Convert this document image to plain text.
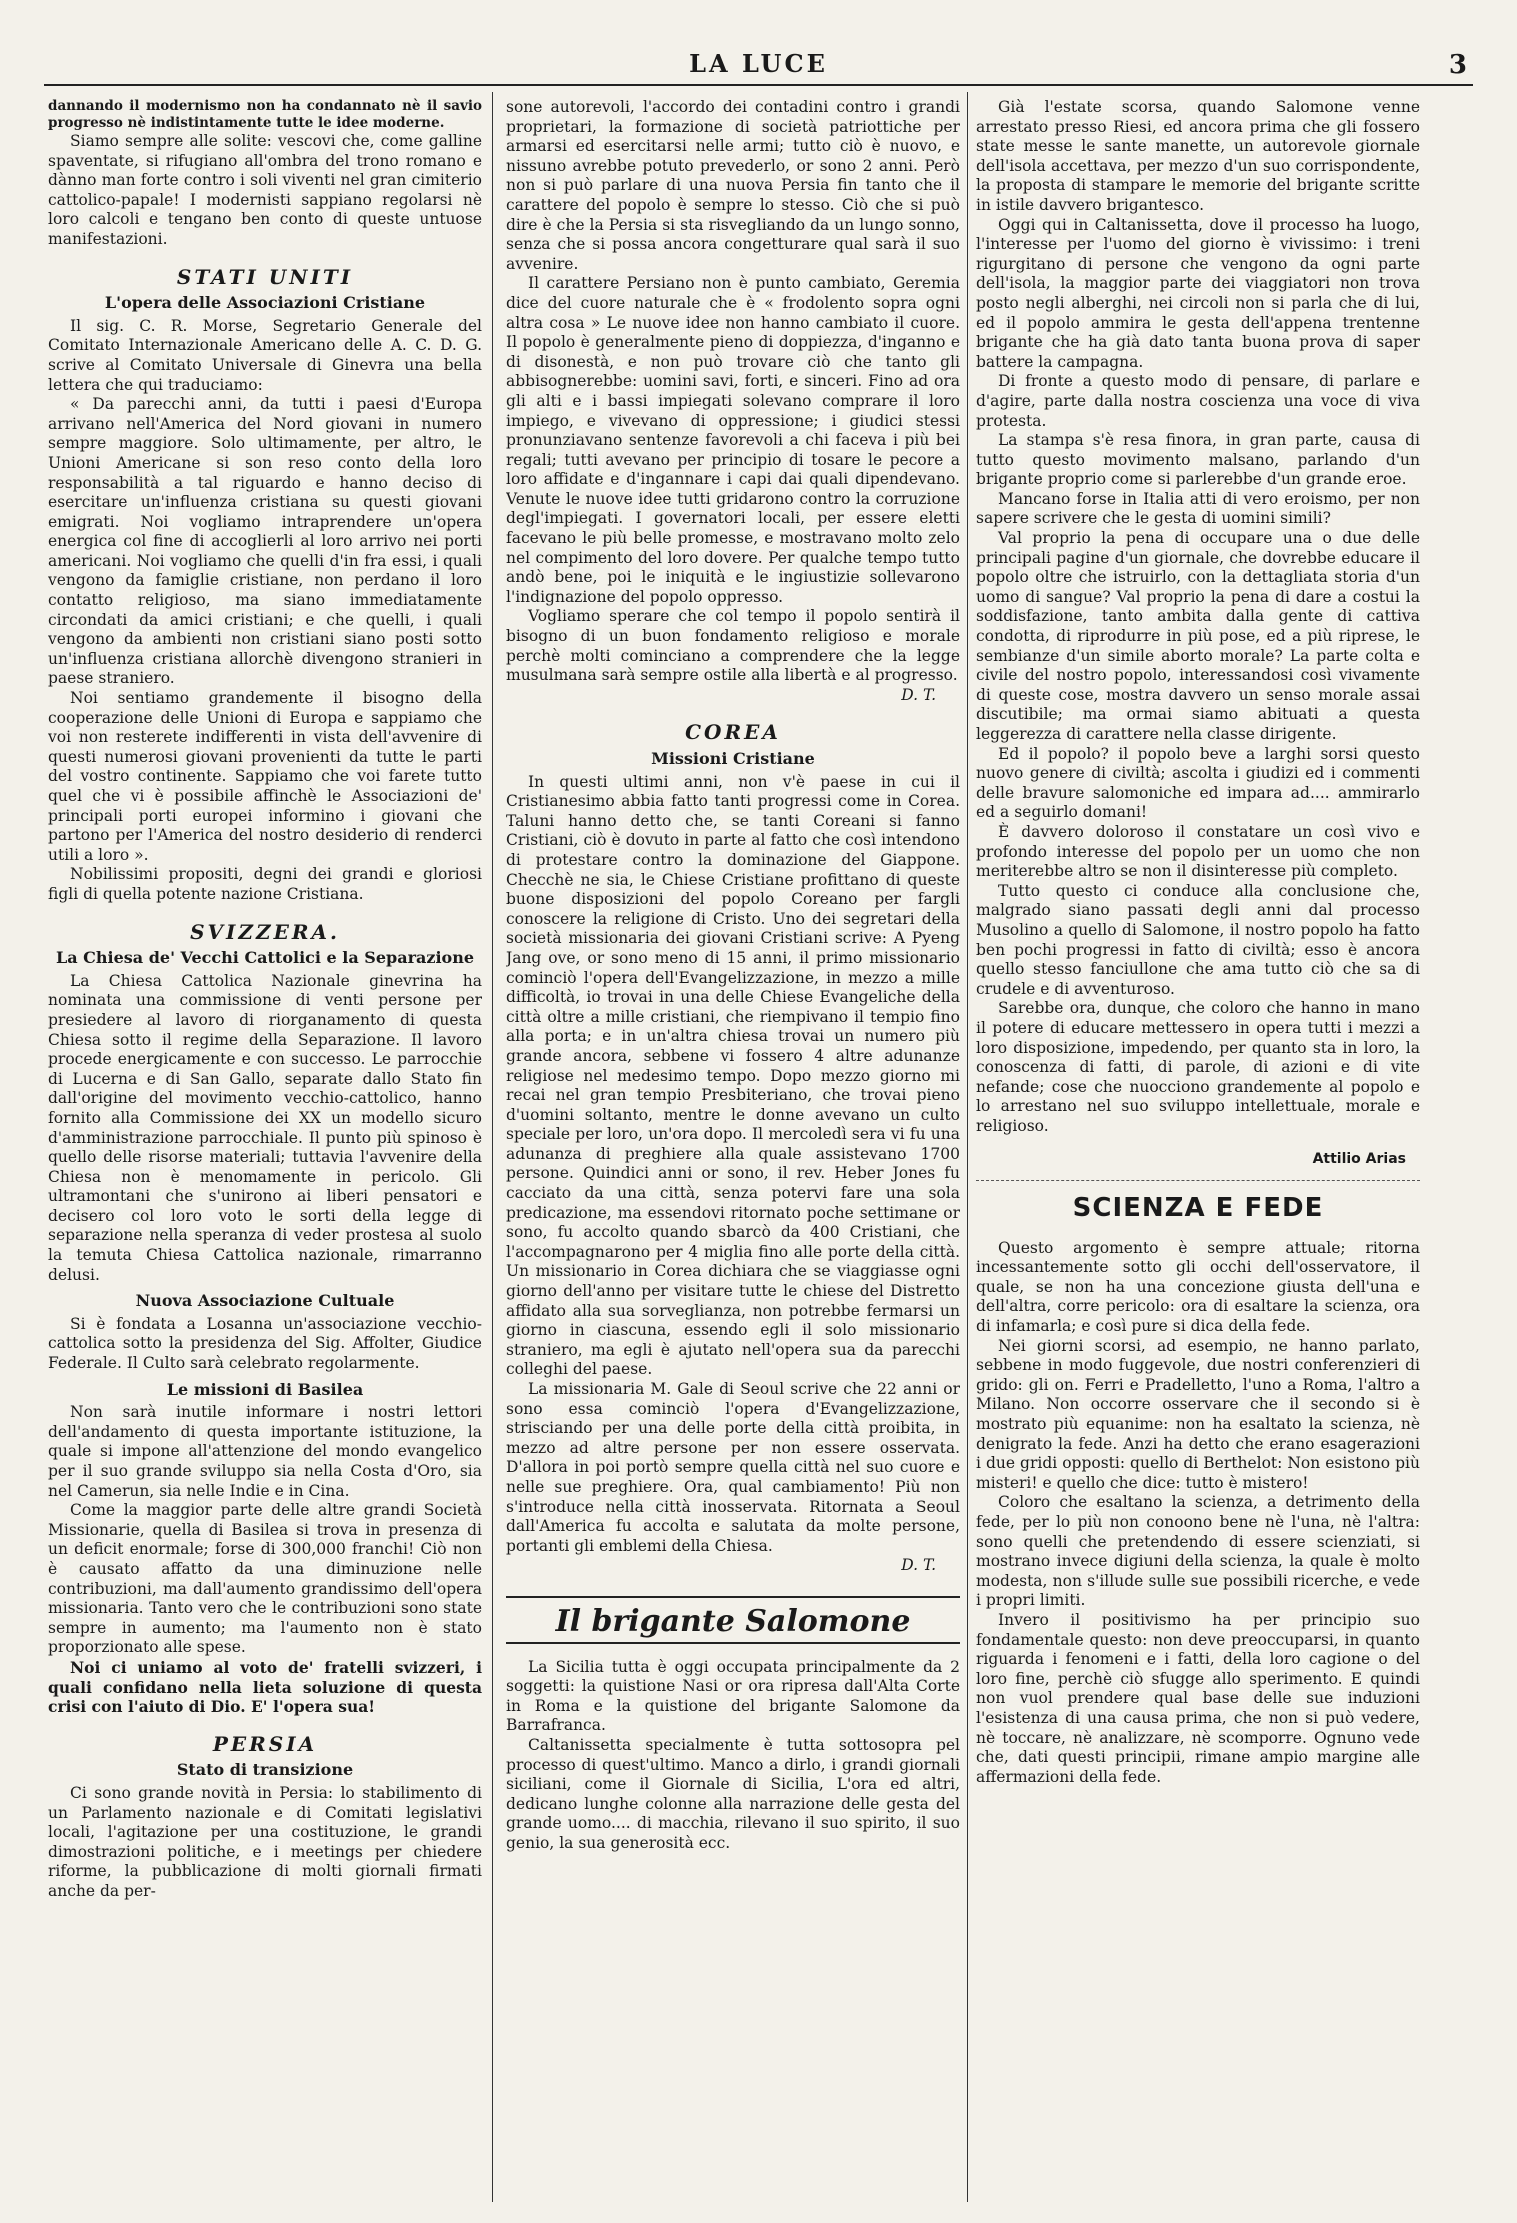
LA LUCE	3

dannando il modernismo non ha condannato nè il savio progresso nè indistintamente tutte le idee moderne.

Siamo sempre alle solite: vescovi che, come galline spaventate, si rifugiano all'ombra del trono romano e dànno man forte contro i soli viventi nel gran cimiterio cattolico-papale! I modernisti sappiano regolarsi nè loro calcoli e tengano ben conto di queste untuose manifestazioni.

STATI UNITI
L'opera delle Associazioni Cristiane

Il sig. C. R. Morse, Segretario Generale del Comitato Internazionale Americano delle A. C. D. G. scrive al Comitato Universale di Ginevra una bella lettera che qui traduciamo:

« Da parecchi anni, da tutti i paesi d'Europa arrivano nell'America del Nord giovani in numero sempre maggiore. Solo ultimamente, per altro, le Unioni Americane si son reso conto della loro responsabilità a tal riguardo e hanno deciso di esercitare un'influenza cristiana su questi giovani emigrati. Noi vogliamo intraprendere un'opera energica col fine di accoglierli al loro arrivo nei porti americani. Noi vogliamo che quelli d'in fra essi, i quali vengono da famiglie cristiane, non perdano il loro contatto religioso, ma siano immediatamente circondati da amici cristiani; e che quelli, i quali vengono da ambienti non cristiani siano posti sotto un'influenza cristiana allorchè divengono stranieri in paese straniero.

Noi sentiamo grandemente il bisogno della cooperazione delle Unioni di Europa e sappiamo che voi non resterete indifferenti in vista dell'avvenire di questi numerosi giovani provenienti da tutte le parti del vostro continente. Sappiamo che voi farete tutto quel che vi è possibile affinchè le Associazioni de' principali porti europei informino i giovani che partono per l'America del nostro desiderio di renderci utili a loro ».

Nobilissimi propositi, degni dei grandi e gloriosi figli di quella potente nazione Cristiana.

SVIZZERA.
La Chiesa de' Vecchi Cattolici e la Separazione

La Chiesa Cattolica Nazionale ginevrina ha nominata una commissione di venti persone per presiedere al lavoro di riorganamento di questa Chiesa sotto il regime della Separazione. Il lavoro procede energicamente e con successo. Le parrocchie di Lucerna e di San Gallo, separate dallo Stato fin dall'origine del movimento vecchio-cattolico, hanno fornito alla Commissione dei XX un modello sicuro d'amministrazione parrocchiale. Il punto più spinoso è quello delle risorse materiali; tuttavia l'avvenire della Chiesa non è menomamente in pericolo. Gli ultramontani che s'unirono ai liberi pensatori e decisero col loro voto le sorti della legge di separazione nella speranza di veder prostesa al suolo la temuta Chiesa Cattolica nazionale, rimarranno delusi.

Nuova Associazione Cultuale

Si è fondata a Losanna un'associazione vecchio-cattolica sotto la presidenza del Sig. Affolter, Giudice Federale. Il Culto sarà celebrato regolarmente.

Le missioni di Basilea

Non sarà inutile informare i nostri lettori dell'andamento di questa importante istituzione, la quale si impone all'attenzione del mondo evangelico per il suo grande sviluppo sia nella Costa d'Oro, sia nel Camerun, sia nelle Indie e in Cina.

Come la maggior parte delle altre grandi Società Missionarie, quella di Basilea si trova in presenza di un deficit enormale; forse di 300,000 franchi! Ciò non è causato affatto da una diminuzione nelle contribuzioni, ma dall'aumento grandissimo dell'opera missionaria. Tanto vero che le contribuzioni sono state sempre in aumento; ma l'aumento non è stato proporzionato alle spese.

Noi ci uniamo al voto de' fratelli svizzeri, i quali confidano nella lieta soluzione di questa crisi con l'aiuto di Dio. E' l'opera sua!

PERSIA
Stato di transizione

Ci sono grande novità in Persia: lo stabilimento di un Parlamento nazionale e di Comitati legislativi locali, l'agitazione per una costituzione, le grandi dimostrazioni politiche, e i meetings per chiedere riforme, la pubblicazione di molti giornali firmati anche da per-

sone autorevoli, l'accordo dei contadini contro i grandi proprietari, la formazione di società patriottiche per armarsi ed esercitarsi nelle armi; tutto ciò è nuovo, e nissuno avrebbe potuto prevederlo, or sono 2 anni. Però non si può parlare di una nuova Persia fin tanto che il carattere del popolo è sempre lo stesso. Ciò che si può dire è che la Persia si sta risvegliando da un lungo sonno, senza che si possa ancora congetturare qual sarà il suo avvenire.

Il carattere Persiano non è punto cambiato, Geremia dice del cuore naturale che è « frodolento sopra ogni altra cosa » Le nuove idee non hanno cambiato il cuore. Il popolo è generalmente pieno di doppiezza, d'inganno e di disonestà, e non può trovare ciò che tanto gli abbisognerebbe: uomini savi, forti, e sinceri. Fino ad ora gli alti e i bassi impiegati solevano comprare il loro impiego, e vivevano di oppressione; i giudici stessi pronunziavano sentenze favorevoli a chi faceva i più bei regali; tutti avevano per principio di tosare le pecore a loro affidate e d'ingannare i capi dai quali dipendevano. Venute le nuove idee tutti gridarono contro la corruzione degl'impiegati. I governatori locali, per essere eletti facevano le più belle promesse, e mostravano molto zelo nel compimento del loro dovere. Per qualche tempo tutto andò bene, poi le iniquità e le ingiustizie sollevarono l'indignazione del popolo oppresso.

Vogliamo sperare che col tempo il popolo sentirà il bisogno di un buon fondamento religioso e morale perchè molti cominciano a comprendere che la legge musulmana sarà sempre ostile alla libertà e al progresso.

D. T.
COREA
Missioni Cristiane

In questi ultimi anni, non v'è paese in cui il Cristianesimo abbia fatto tanti progressi come in Corea. Taluni hanno detto che, se tanti Coreani si fanno Cristiani, ciò è dovuto in parte al fatto che così intendono di protestare contro la dominazione del Giappone. Checchè ne sia, le Chiese Cristiane profittano di queste buone disposizioni del popolo Coreano per fargli conoscere la religione di Cristo. Uno dei segretari della società missionaria dei giovani Cristiani scrive: A Pyeng Jang ove, or sono meno di 15 anni, il primo missionario cominciò l'opera dell'Evangelizzazione, in mezzo a mille difficoltà, io trovai in una delle Chiese Evangeliche della città oltre a mille cristiani, che riempivano il tempio fino alla porta; e in un'altra chiesa trovai un numero più grande ancora, sebbene vi fossero 4 altre adunanze religiose nel medesimo tempo. Dopo mezzo giorno mi recai nel gran tempio Presbiteriano, che trovai pieno d'uomini soltanto, mentre le donne avevano un culto speciale per loro, un'ora dopo. Il mercoledì sera vi fu una adunanza di preghiere alla quale assistevano 1700 persone. Quindici anni or sono, il rev. Heber Jones fu cacciato da una città, senza potervi fare una sola predicazione, ma essendovi ritornato poche settimane or sono, fu accolto quando sbarcò da 400 Cristiani, che l'accompagnarono per 4 miglia fino alle porte della città. Un missionario in Corea dichiara che se viaggiasse ogni giorno dell'anno per visitare tutte le chiese del Distretto affidato alla sua sorveglianza, non potrebbe fermarsi un giorno in ciascuna, essendo egli il solo missionario straniero, ma egli è ajutato nell'opera sua da parecchi colleghi del paese.

La missionaria M. Gale di Seoul scrive che 22 anni or sono essa cominciò l'opera d'Evangelizzazione, strisciando per una delle porte della città proibita, in mezzo ad altre persone per non essere osservata. D'allora in poi portò sempre quella città nel suo cuore e nelle sue preghiere. Ora, qual cambiamento! Più non s'introduce nella città inosservata. Ritornata a Seoul dall'America fu accolta e salutata da molte persone, portanti gli emblemi della Chiesa.

D. T.
Il brigante Salomone

La Sicilia tutta è oggi occupata principalmente da 2 soggetti: la quistione Nasi or ora ripresa dall'Alta Corte in Roma e la quistione del brigante Salomone da Barrafranca.

Caltanissetta specialmente è tutta sottosopra pel processo di quest'ultimo. Manco a dirlo, i grandi giornali siciliani, come il Giornale di Sicilia, L'ora ed altri, dedicano lunghe colonne alla narrazione delle gesta del grande uomo.... di macchia, rilevano il suo spirito, il suo genio, la sua generosità ecc.

Già l'estate scorsa, quando Salomone venne arrestato presso Riesi, ed ancora prima che gli fossero state messe le sante manette, un autorevole giornale dell'isola accettava, per mezzo d'un suo corrispondente, la proposta di stampare le memorie del brigante scritte in istile davvero brigantesco.

Oggi qui in Caltanissetta, dove il processo ha luogo, l'interesse per l'uomo del giorno è vivissimo: i treni rigurgitano di persone che vengono da ogni parte dell'isola, la maggior parte dei viaggiatori non trova posto negli alberghi, nei circoli non si parla che di lui, ed il popolo ammira le gesta dell'appena trentenne brigante che ha già dato tanta buona prova di saper battere la campagna.

Di fronte a questo modo di pensare, di parlare e d'agire, parte dalla nostra coscienza una voce di viva protesta.

La stampa s'è resa finora, in gran parte, causa di tutto questo movimento malsano, parlando d'un brigante proprio come si parlerebbe d'un grande eroe.

Mancano forse in Italia atti di vero eroismo, per non sapere scrivere che le gesta di uomini simili?

Val proprio la pena di occupare una o due delle principali pagine d'un giornale, che dovrebbe educare il popolo oltre che istruirlo, con la dettagliata storia d'un uomo di sangue? Val proprio la pena di dare a costui la soddisfazione, tanto ambita dalla gente di cattiva condotta, di riprodurre in più pose, ed a più riprese, le sembianze d'un simile aborto morale? La parte colta e civile del nostro popolo, interessandosi così vivamente di queste cose, mostra davvero un senso morale assai discutibile; ma ormai siamo abituati a questa leggerezza di carattere nella classe dirigente.

Ed il popolo? il popolo beve a larghi sorsi questo nuovo genere di civiltà; ascolta i giudizi ed i commenti delle bravure salomoniche ed impara ad.... ammirarlo ed a seguirlo domani!

È davvero doloroso il constatare un così vivo e profondo interesse del popolo per un uomo che non meriterebbe altro se non il disinteresse più completo.

Tutto questo ci conduce alla conclusione che, malgrado siano passati degli anni dal processo Musolino a quello di Salomone, il nostro popolo ha fatto ben pochi progressi in fatto di civiltà; esso è ancora quello stesso fanciullone che ama tutto ciò che sa di crudele e di avventuroso.

Sarebbe ora, dunque, che coloro che hanno in mano il potere di educare mettessero in opera tutti i mezzi a loro disposizione, impedendo, per quanto sta in loro, la conoscenza di fatti, di parole, di azioni e di vite nefande; cose che nuocciono grandemente al popolo e lo arrestano nel suo sviluppo intellettuale, morale e religioso.

Attilio Arias
SCIENZA E FEDE

Questo argomento è sempre attuale; ritorna incessantemente sotto gli occhi dell'osservatore, il quale, se non ha una concezione giusta dell'una e dell'altra, corre pericolo: ora di esaltare la scienza, ora di infamarla; e così pure si dica della fede.

Nei giorni scorsi, ad esempio, ne hanno parlato, sebbene in modo fuggevole, due nostri conferenzieri di grido: gli on. Ferri e Pradelletto, l'uno a Roma, l'altro a Milano. Non occorre osservare che il secondo si è mostrato più equanime: non ha esaltato la scienza, nè denigrato la fede. Anzi ha detto che erano esagerazioni i due gridi opposti: quello di Berthelot: Non esistono più misteri! e quello che dice: tutto è mistero!

Coloro che esaltano la scienza, a detrimento della fede, per lo più non conoono bene nè l'una, nè l'altra: sono quelli che pretendendo di essere scienziati, si mostrano invece digiuni della scienza, la quale è molto modesta, non s'illude sulle sue possibili ricerche, e vede i propri limiti.

Invero il positivismo ha per principio suo fondamentale questo: non deve preoccuparsi, in quanto riguarda i fenomeni e i fatti, della loro cagione o del loro fine, perchè ciò sfugge allo sperimento. E quindi non vuol prendere qual base delle sue induzioni l'esistenza di una causa prima, che non si può vedere, nè toccare, nè analizzare, nè scomporre. Ognuno vede che, dati questi principii, rimane ampio margine alle affermazioni della fede.
